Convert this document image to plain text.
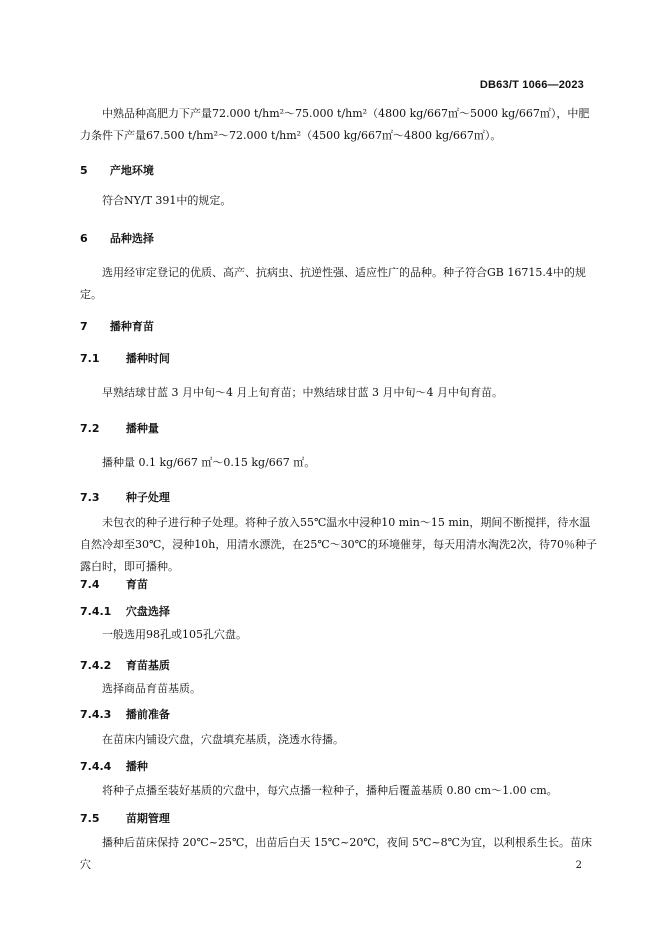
DB63/T 1066—2023
中熟品种高肥力下产量72.000 t/hm²～75.000 t/hm²（4800 kg/667㎡～5000 kg/667㎡），中肥力条件下产量67.500 t/hm²～72.000 t/hm²（4500 kg/667㎡～4800 kg/667㎡）。
5 产地环境
符合NY/T 391中的规定。
6 品种选择
选用经审定登记的优质、高产、抗病虫、抗逆性强、适应性广的品种。种子符合GB 16715.4中的规定。
7 播种育苗
7.1 播种时间
早熟结球甘蓝 3 月中旬～4 月上旬育苗；中熟结球甘蓝 3 月中旬～4 月中旬育苗。
7.2 播种量
播种量 0.1 kg/667 ㎡～0.15 kg/667 ㎡。
7.3 种子处理
未包衣的种子进行种子处理。将种子放入55℃温水中浸种10 min～15 min，期间不断搅拌，待水温自然冷却至30℃，浸种10h，用清水漂洗，在25℃～30℃的环境催芽，每天用清水淘洗2次，待70％种子露白时，即可播种。
7.4 育苗
7.4.1 穴盘选择
一般选用98孔或105孔穴盘。
7.4.2 育苗基质
选择商品育苗基质。
7.4.3 播前准备
在苗床内铺设穴盘，穴盘填充基质，浇透水待播。
7.4.4 播种
将种子点播至装好基质的穴盘中，每穴点播一粒种子，播种后覆盖基质 0.80 cm～1.00 cm。
7.5 苗期管理
播种后苗床保持 20℃~25℃，出苗后白天 15℃~20℃，夜间 5℃~8℃为宜，以利根系生长。苗床穴	2
